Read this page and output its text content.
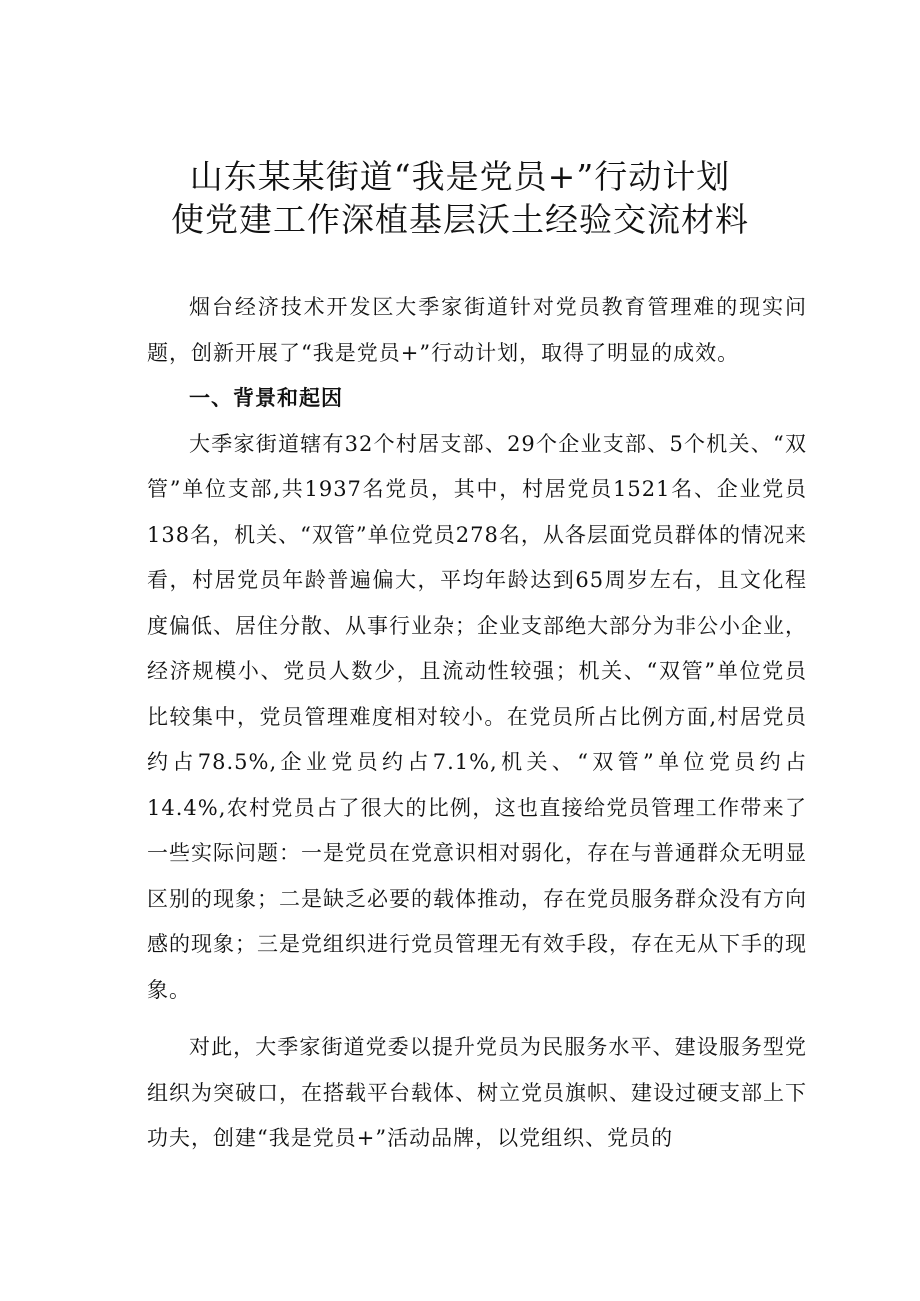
山东某某街道“我是党员+”行动计划
使党建工作深植基层沃土经验交流材料

烟台经济技术开发区大季家街道针对党员教育管理难的现实问题，创新开展了“我是党员+”行动计划，取得了明显的成效。

一、背景和起因

大季家街道辖有32个村居支部、29个企业支部、5个机关、“双管”单位支部,共1937名党员，其中，村居党员1521名、企业党员138名，机关、“双管”单位党员278名，从各层面党员群体的情况来看，村居党员年龄普遍偏大，平均年龄达到65周岁左右，且文化程度偏低、居住分散、从事行业杂；企业支部绝大部分为非公小企业，经济规模小、党员人数少，且流动性较强；机关、“双管”单位党员比较集中，党员管理难度相对较小。在党员所占比例方面,村居党员约占78.5%,企业党员约占7.1%,机关、“双管”单位党员约占14.4%,农村党员占了很大的比例，这也直接给党员管理工作带来了一些实际问题：一是党员在党意识相对弱化，存在与普通群众无明显区别的现象；二是缺乏必要的载体推动，存在党员服务群众没有方向感的现象；三是党组织进行党员管理无有效手段，存在无从下手的现象。

对此，大季家街道党委以提升党员为民服务水平、建设服务型党组织为突破口，在搭载平台载体、树立党员旗帜、建设过硬支部上下功夫，创建“我是党员+”活动品牌，以党组织、党员的
